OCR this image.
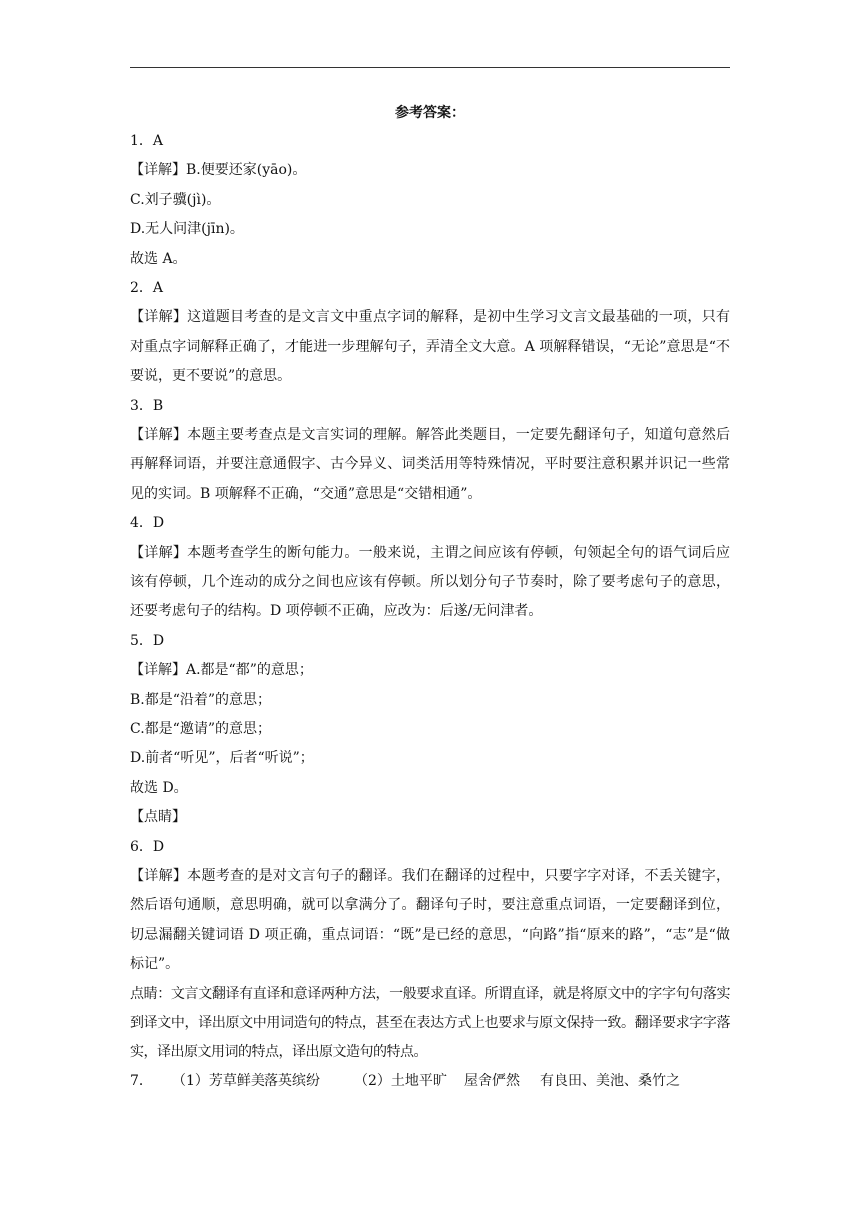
参考答案：
1．A
【详解】B.便要还家(yāo)。
C.刘子骥(jì)。
D.无人问津(jīn)。
故选 A。
2．A
【详解】这道题目考查的是文言文中重点字词的解释，是初中生学习文言文最基础的一项，只有对重点字词解释正确了，才能进一步理解句子，弄清全文大意。A 项解释错误，“无论”意思是“不要说，更不要说”的意思。
3．B
【详解】本题主要考查点是文言实词的理解。解答此类题目，一定要先翻译句子，知道句意然后再解释词语，并要注意通假字、古今异义、词类活用等特殊情况，平时要注意积累并识记一些常见的实词。B 项解释不正确，“交通”意思是“交错相通”。
4．D
【详解】本题考查学生的断句能力。一般来说，主谓之间应该有停顿，句领起全句的语气词后应该有停顿，几个连动的成分之间也应该有停顿。所以划分句子节奏时，除了要考虑句子的意思，还要考虑句子的结构。D 项停顿不正确，应改为：后遂/无问津者。
5．D
【详解】A.都是“都”的意思；
B.都是“沿着”的意思；
C.都是“邀请”的意思；
D.前者“听见”，后者“听说”；
故选 D。
【点睛】
6．D
【详解】本题考查的是对文言句子的翻译。我们在翻译的过程中，只要字字对译，不丢关键字，然后语句通顺，意思明确，就可以拿满分了。翻译句子时，要注意重点词语，一定要翻译到位，切忌漏翻关键词语 D 项正确，重点词语：“既”是已经的意思，“向路”指“原来的路”，“志”是“做标记”。
点睛：文言文翻译有直译和意译两种方法，一般要求直译。所谓直译，就是将原文中的字字句句落实到译文中，译出原文中用词造句的特点，甚至在表达方式上也要求与原文保持一致。翻译要求字字落实，译出原文用词的特点，译出原文造句的特点。
7．	（1）芳草鲜美 落英缤纷	（2）土地平旷	屋舍俨然	有良田、美池、桑竹之
